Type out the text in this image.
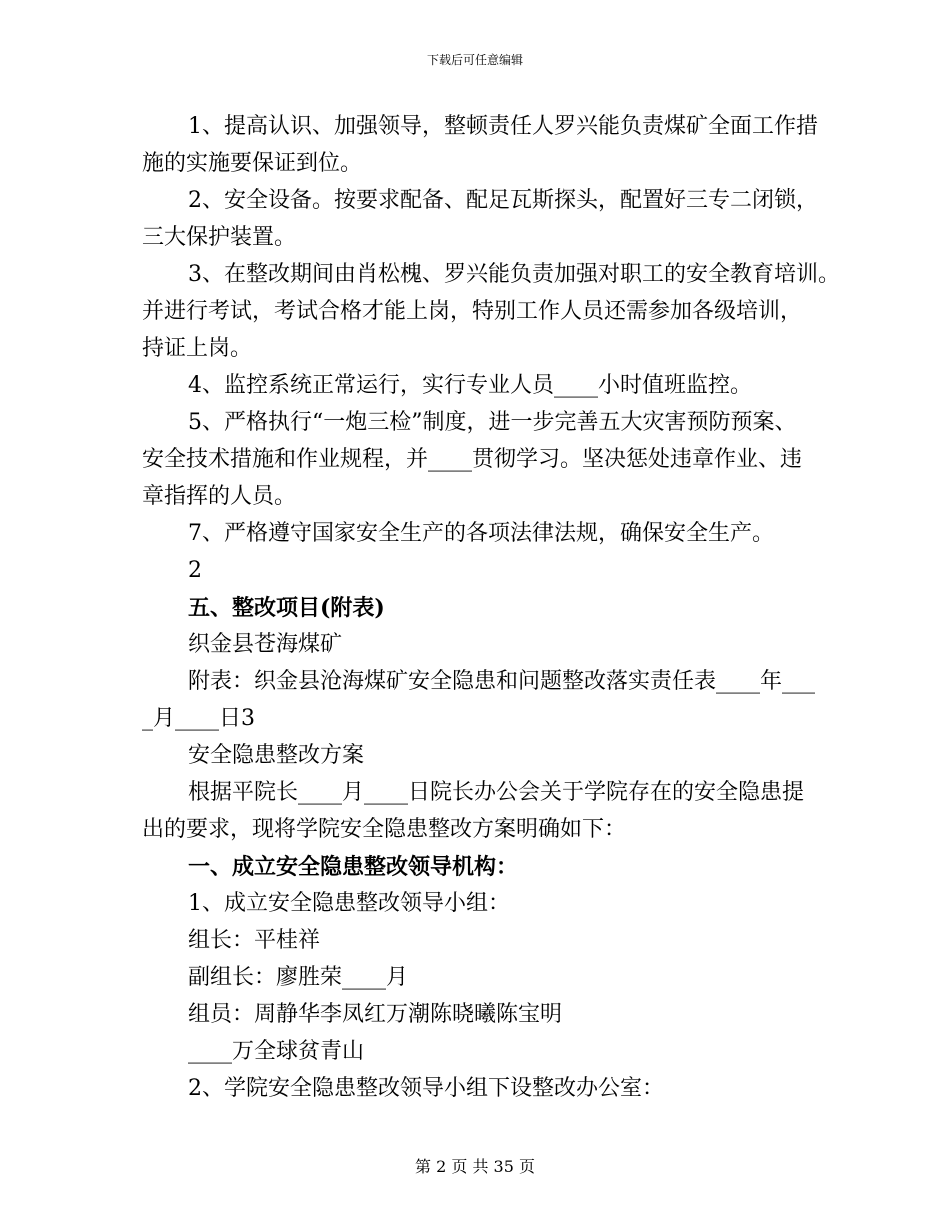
下载后可任意编辑
1、提高认识、加强领导，整顿责任人罗兴能负责煤矿全面工作措
施的实施要保证到位。
2、安全设备。按要求配备、配足瓦斯探头，配置好三专二闭锁，
三大保护装置。
3、在整改期间由肖松槐、罗兴能负责加强对职工的安全教育培训。
并进行考试，考试合格才能上岗，特别工作人员还需参加各级培训，
持证上岗。
4、监控系统正常运行，实行专业人员____小时值班监控。
5、严格执行“一炮三检”制度，进一步完善五大灾害预防预案、
安全技术措施和作业规程，并____贯彻学习。坚决惩处违章作业、违
章指挥的人员。
7、严格遵守国家安全生产的各项法律法规，确保安全生产。
2
五、整改项目(附表)
织金县苍海煤矿
附表：织金县沧海煤矿安全隐患和问题整改落实责任表____年___
_月____日3
安全隐患整改方案
根据平院长____月____日院长办公会关于学院存在的安全隐患提
出的要求，现将学院安全隐患整改方案明确如下：
一、成立安全隐患整改领导机构：
1、成立安全隐患整改领导小组：
组长：平桂祥
副组长：廖胜荣____月
组员：周静华李凤红万潮陈晓曦陈宝明
____万全球贫青山
2、学院安全隐患整改领导小组下设整改办公室：
第 2 页 共 35 页
